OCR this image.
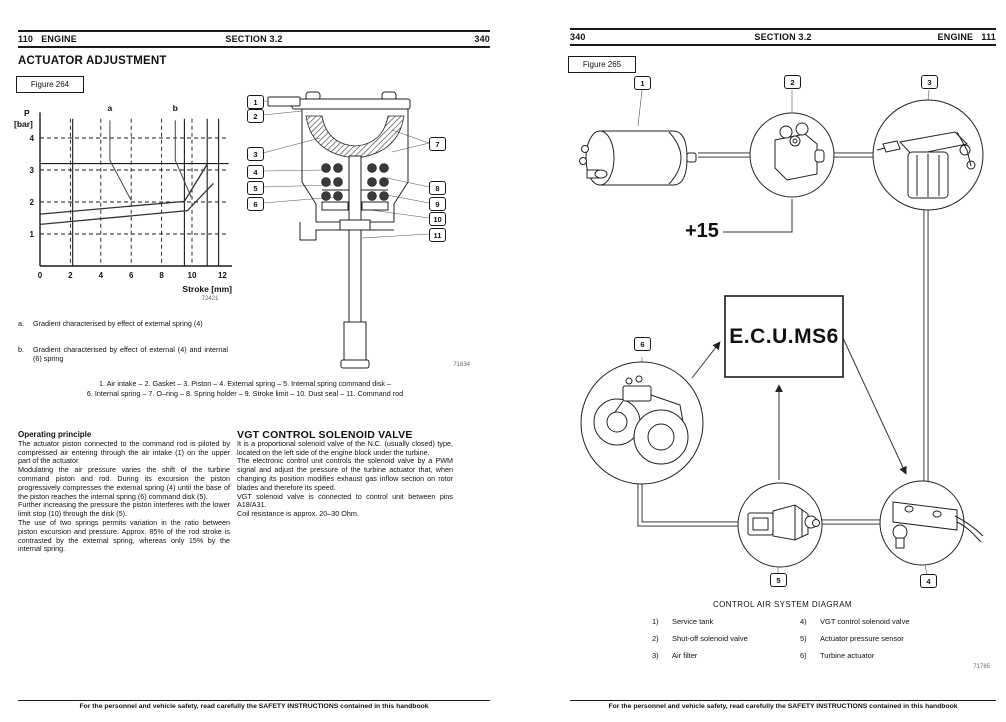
110 ENGINE	SECTION 3.2	340
ACTUATOR ADJUSTMENT
Figure 264
1
2
3
4
0	2	4	6	8	10	12
a	b
P
[bar]
Stroke [mm]
72421
71834
1
2
3
4
5
6
7
8
9
10
11
a.	Gradient characterised by effect of external spring (4)
b.	Gradient characterised by effect of external (4) and internal (6) spring
1. Air intake – 2. Gasket – 3. Piston – 4. External spring – 5. Internal spring command disk –
6. Internal spring – 7. O–ring – 8. Spring holder – 9. Stroke limit – 10. Dust seal – 11. Command rod

Operating principle

The actuator piston connected to the command rod is piloted by compressed air entering through the air intake (1) on the upper part of the actuator.

Modulating the air pressure varies the shift of the turbine command piston and rod. During its excursion the piston progressively compresses the external spring (4) until the base of the piston reaches the internal spring (6) command disk (5).

Further increasing the pressure the piston interferes with the lower limit stop (10) through the disk (5).

The use of two springs permits variation in the ratio between piston excursion and pressure. Approx. 85% of the rod stroke is contrasted by the external spring, whereas only 15% by the internal spring.

VGT CONTROL SOLENOID VALVE

It is a proportional solenoid valve of the N.C. (usually closed) type, located on the left side of the engine block under the turbine.

The electronic control unit controls the solenoid valve by a PWM signal and adjust the pressure of the turbine actuator that, when changing its position modifies exhaust gas inflow section on rotor blades and therefore its speed.

VGT solenoid valve is connected to control unit between pins A18/A31.

Coil resistance is approx. 20–30 Ohm.

For the personnel and vehicle safety, read carefully the SAFETY INSTRUCTIONS contained in this handbook
340	SECTION 3.2	ENGINE 111
Figure 265
1	2	3
6
5	4
+15
E.C.U.MS6
CONTROL AIR SYSTEM DIAGRAM
1)	Service tank
2)	Shut-off solenoid valve
3)	Air filter
4)	VGT control solenoid valve
5)	Actuator pressure sensor
6)	Turbine actuator
71765
For the personnel and vehicle safety, read carefully the SAFETY INSTRUCTIONS contained in this handbook
